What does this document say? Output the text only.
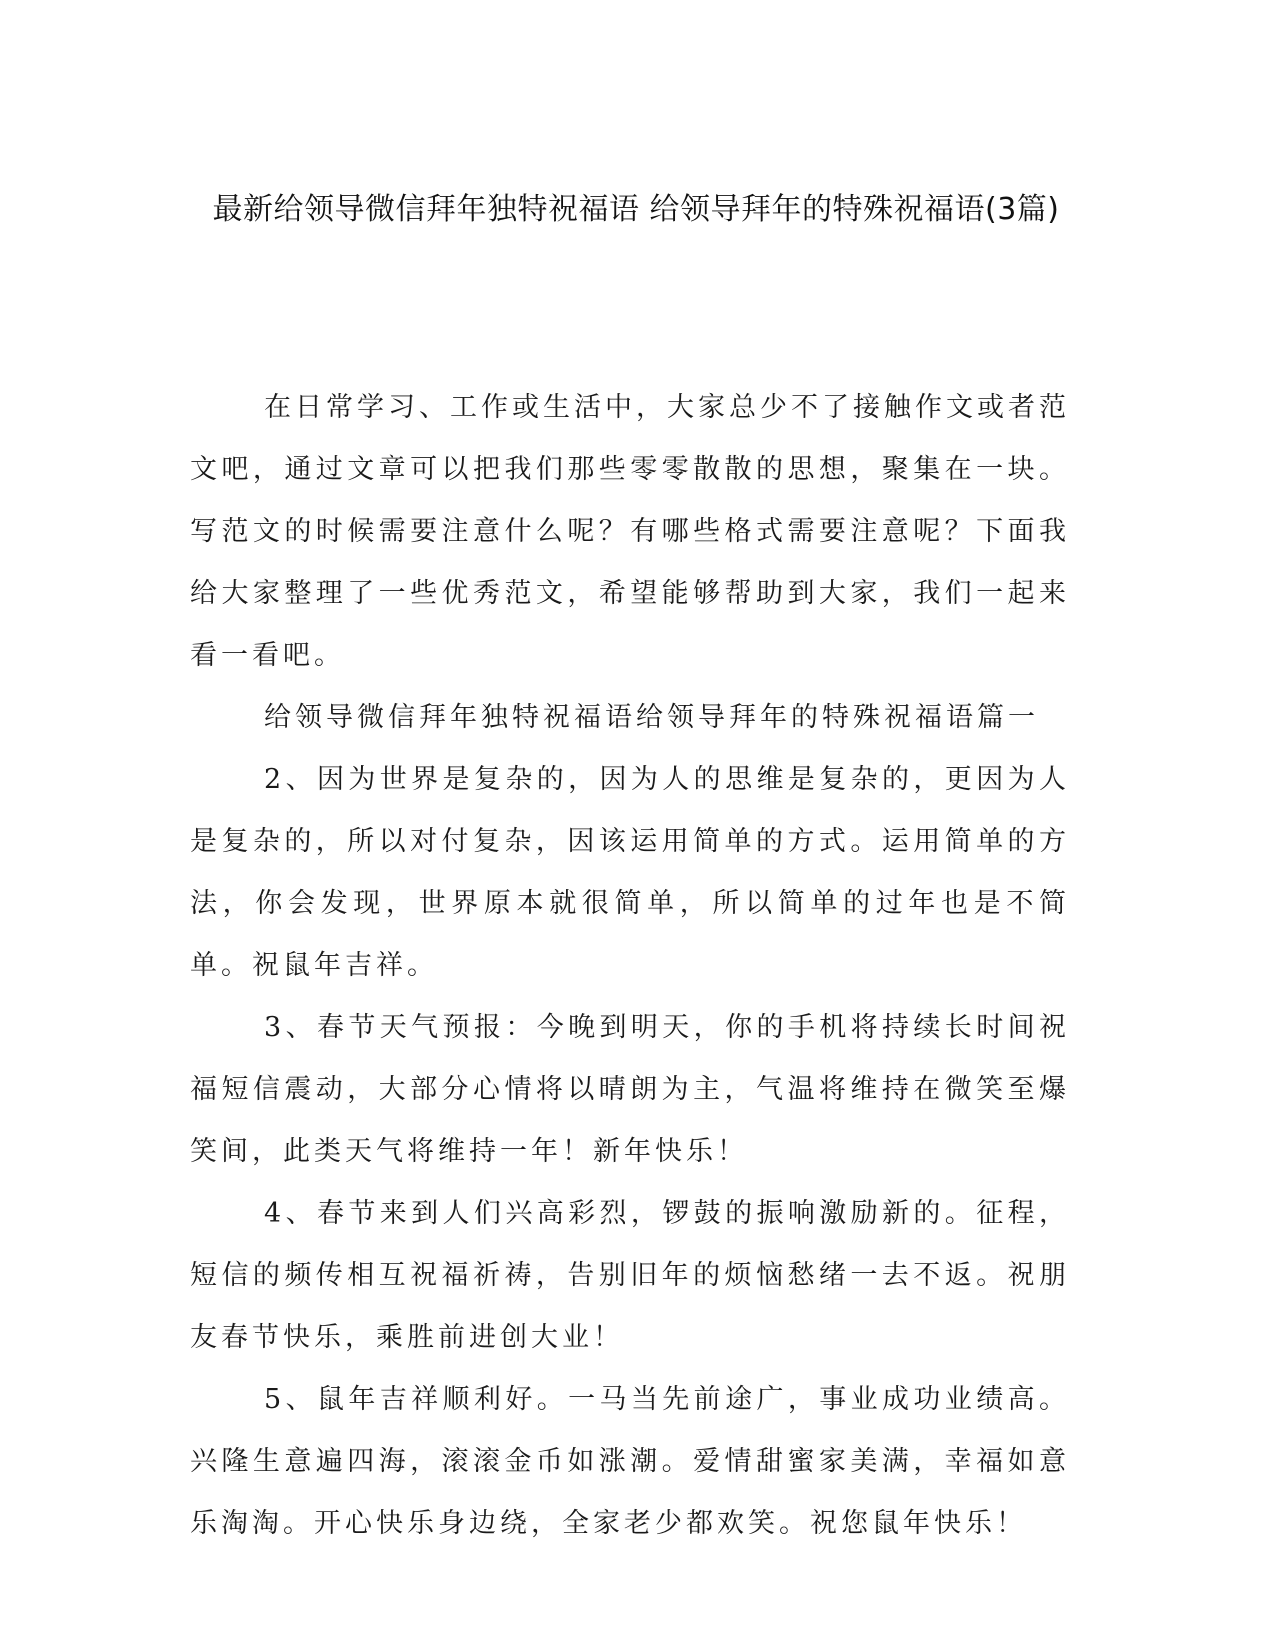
最新给领导微信拜年独特祝福语 给领导拜年的特殊祝福语(3篇)

在日常学习、工作或生活中，大家总少不了接触作文或者范文吧，通过文章可以把我们那些零零散散的思想，聚集在一块。写范文的时候需要注意什么呢？有哪些格式需要注意呢？下面我给大家整理了一些优秀范文，希望能够帮助到大家，我们一起来看一看吧。

给领导微信拜年独特祝福语给领导拜年的特殊祝福语篇一

2、因为世界是复杂的，因为人的思维是复杂的，更因为人是复杂的，所以对付复杂，因该运用简单的方式。运用简单的方法，你会发现，世界原本就很简单，所以简单的过年也是不简单。祝鼠年吉祥。

3、春节天气预报：今晚到明天，你的手机将持续长时间祝福短信震动，大部分心情将以晴朗为主，气温将维持在微笑至爆笑间，此类天气将维持一年！新年快乐！

4、春节来到人们兴高彩烈，锣鼓的振响激励新的。征程，短信的频传相互祝福祈祷，告别旧年的烦恼愁绪一去不返。祝朋友春节快乐，乘胜前进创大业！

5、鼠年吉祥顺利好。一马当先前途广，事业成功业绩高。兴隆生意遍四海，滚滚金币如涨潮。爱情甜蜜家美满，幸福如意乐淘淘。开心快乐身边绕，全家老少都欢笑。祝您鼠年快乐！
